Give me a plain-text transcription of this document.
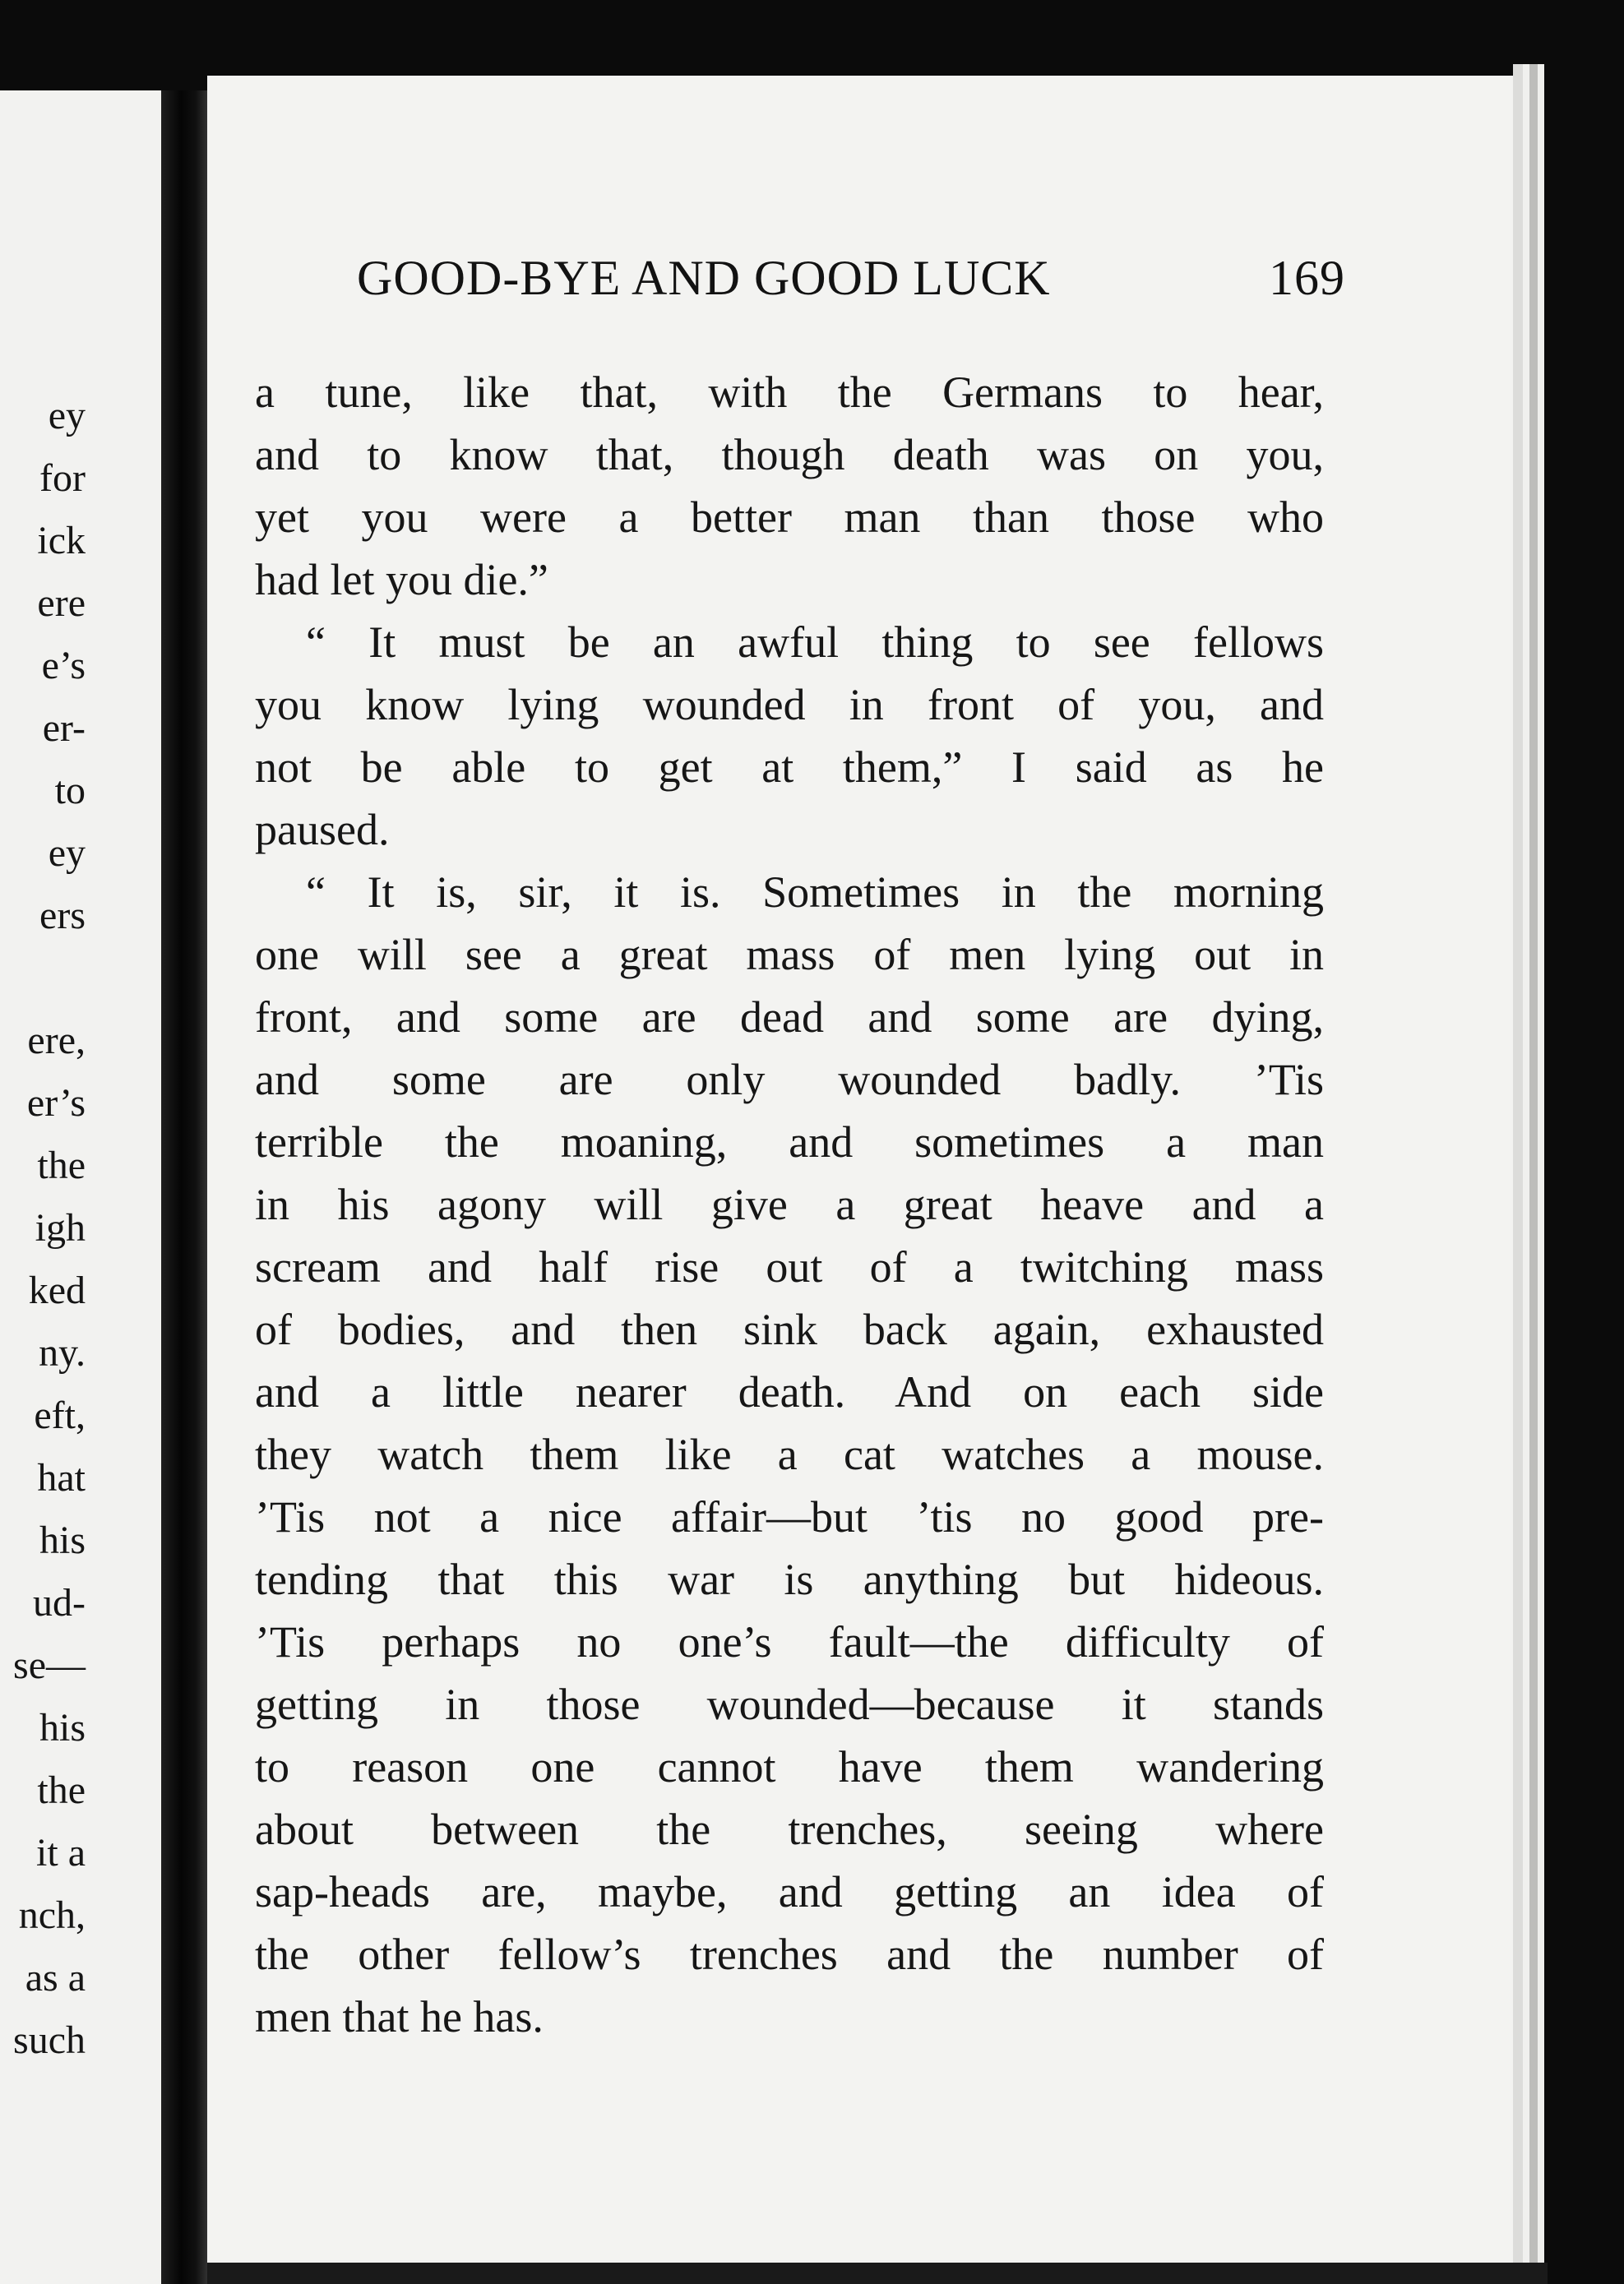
ey
for
ick
ere
e’s
er-
to
ey
ers
ere,
er’s
the
igh
ked
ny.
eft,
hat
his
ud-
se—
his
the
it a
nch,
as a
such
GOOD-BYE AND GOOD LUCK	169
a tune, like that, with the Germans to hear,
and to know that, though death was on you,
yet you were a better man than those who
had let you die.”
“ It must be an awful thing to see fellows
you know lying wounded in front of you, and
not be able to get at them,” I said as he
paused.
“ It is, sir, it is. Sometimes in the morning
one will see a great mass of men lying out in
front, and some are dead and some are dying,
and some are only wounded badly. ’Tis
terrible the moaning, and sometimes a man
in his agony will give a great heave and a
scream and half rise out of a twitching mass
of bodies, and then sink back again, exhausted
and a little nearer death. And on each side
they watch them like a cat watches a mouse.
’Tis not a nice affair—but ’tis no good pre-
tending that this war is anything but hideous.
’Tis perhaps no one’s fault—the difficulty of
getting in those wounded—because it stands
to reason one cannot have them wandering
about between the trenches, seeing where
sap-heads are, maybe, and getting an idea of
the other fellow’s trenches and the number of
men that he has.
